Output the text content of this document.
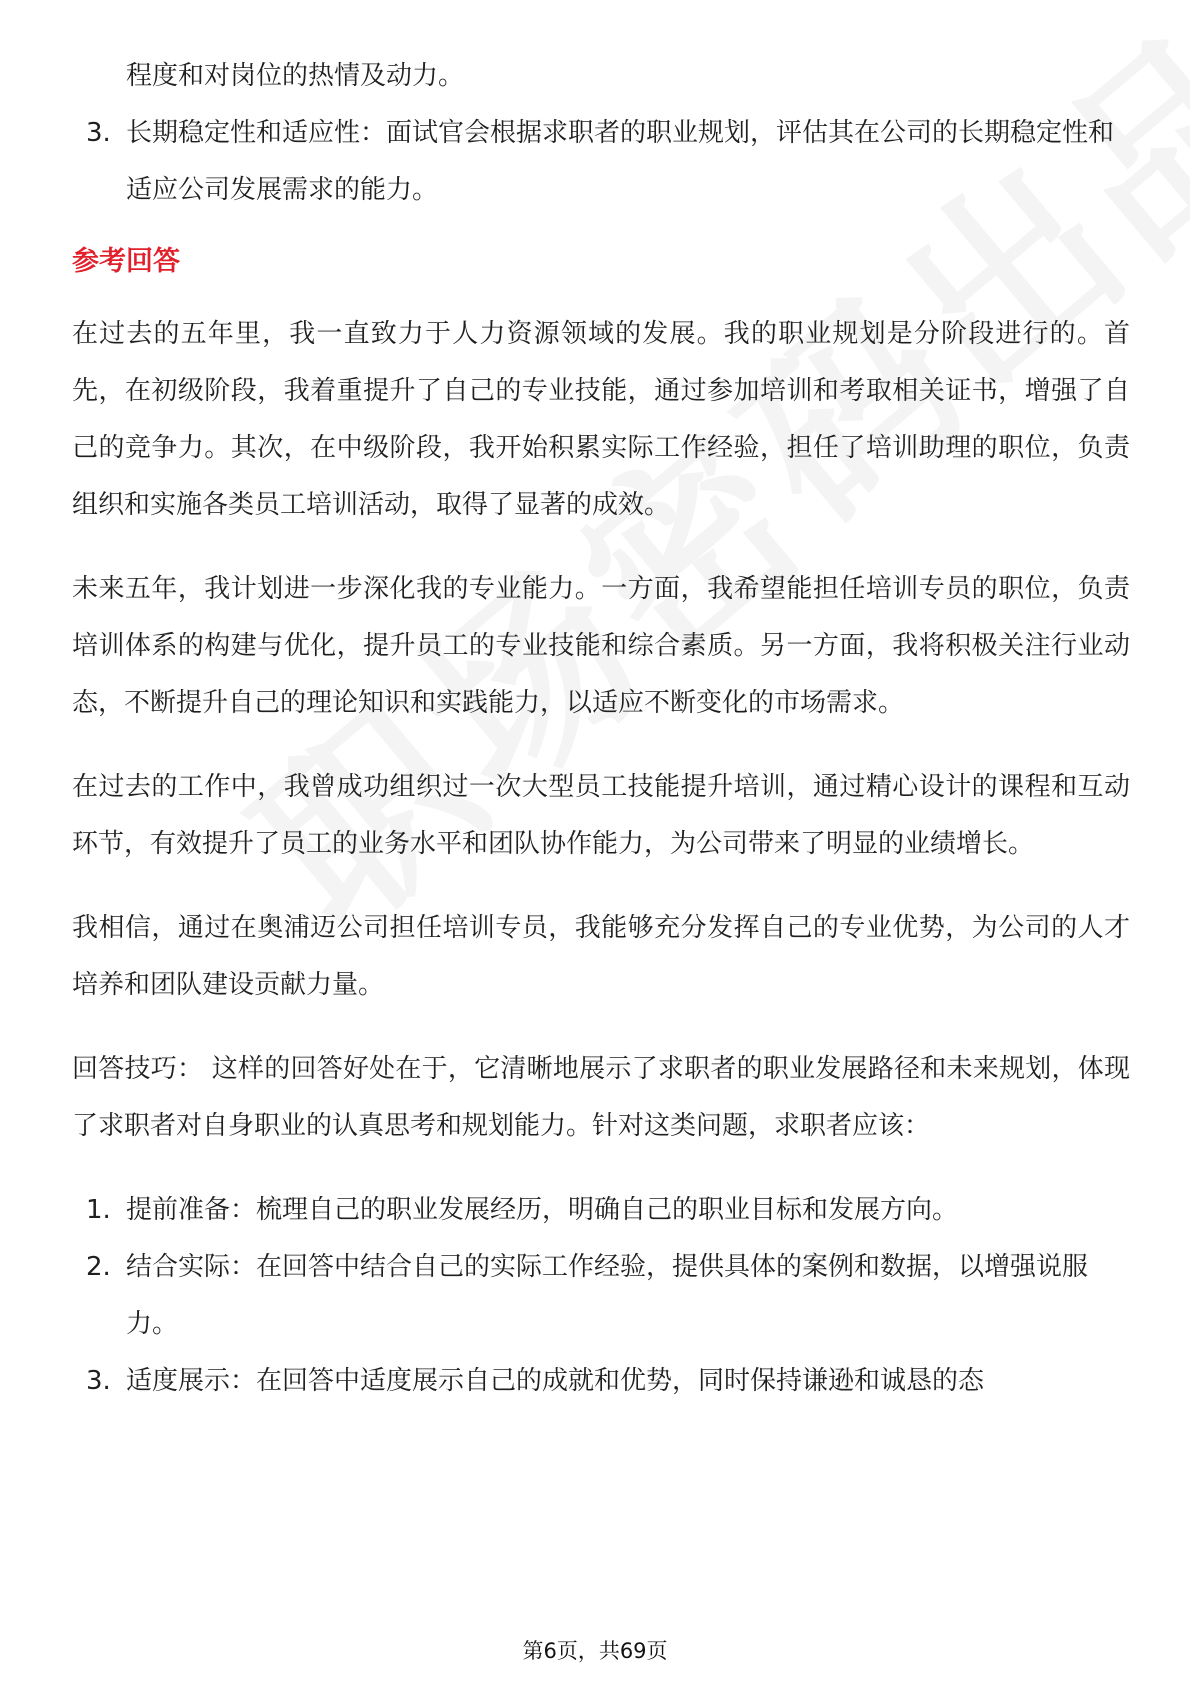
程度和对岗位的热情及动力。
3. 长期稳定性和适应性：面试官会根据求职者的职业规划，评估其在公司的长期稳定性和适应公司发展需求的能力。
参考回答

在过去的五年里，我一直致力于人力资源领域的发展。我的职业规划是分阶段进行的。首先，在初级阶段，我着重提升了自己的专业技能，通过参加培训和考取相关证书，增强了自己的竞争力。其次，在中级阶段，我开始积累实际工作经验，担任了培训助理的职位，负责组织和实施各类员工培训活动，取得了显著的成效。

未来五年，我计划进一步深化我的专业能力。一方面，我希望能担任培训专员的职位，负责培训体系的构建与优化，提升员工的专业技能和综合素质。另一方面，我将积极关注行业动态，不断提升自己的理论知识和实践能力，以适应不断变化的市场需求。

在过去的工作中，我曾成功组织过一次大型员工技能提升培训，通过精心设计的课程和互动环节，有效提升了员工的业务水平和团队协作能力，为公司带来了明显的业绩增长。

我相信，通过在奥浦迈公司担任培训专员，我能够充分发挥自己的专业优势，为公司的人才培养和团队建设贡献力量。

回答技巧： 这样的回答好处在于，它清晰地展示了求职者的职业发展路径和未来规划，体现了求职者对自身职业的认真思考和规划能力。针对这类问题，求职者应该：

1. 提前准备：梳理自己的职业发展经历，明确自己的职业目标和发展方向。
2. 结合实际：在回答中结合自己的实际工作经验，提供具体的案例和数据，以增强说服力。
3. 适度展示：在回答中适度展示自己的成就和优势，同时保持谦逊和诚恳的态
第6页，共69页
